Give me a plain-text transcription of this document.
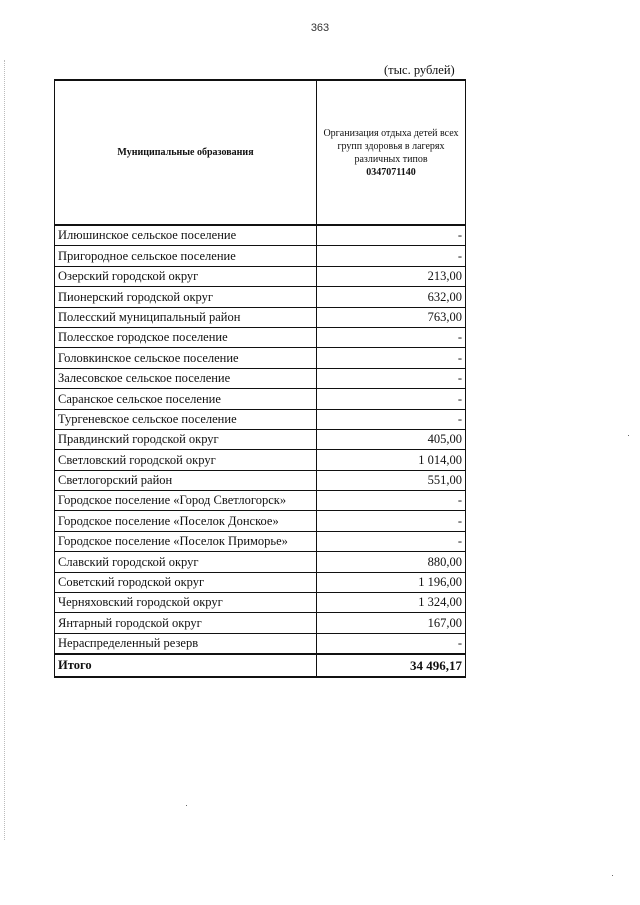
363
(тыс. рублей)
Муниципальные образования	Организация отдыха детей всех групп здоровья в лагерях различных типов
0347071140

Илюшинское сельское поселение	-
Пригородное сельское поселение	-
Озерский городской округ	213,00
Пионерский городской округ	632,00
Полесский муниципальный район	763,00
Полесское городское поселение	-
Головкинское сельское поселение	-
Залесовское сельское поселение	-
Саранское сельское поселение	-
Тургеневское сельское поселение	-
Правдинский городской округ	405,00
Светловский городской округ	1 014,00
Светлогорский район	551,00
Городское поселение «Город Светлогорск»	-
Городское поселение «Поселок Донское»	-
Городское поселение «Поселок Приморье»	-
Славский городской округ	880,00
Советский городской округ	1 196,00
Черняховский городской округ	1 324,00
Янтарный городской округ	167,00
Нераспределенный резерв	-
Итого	34 496,17
